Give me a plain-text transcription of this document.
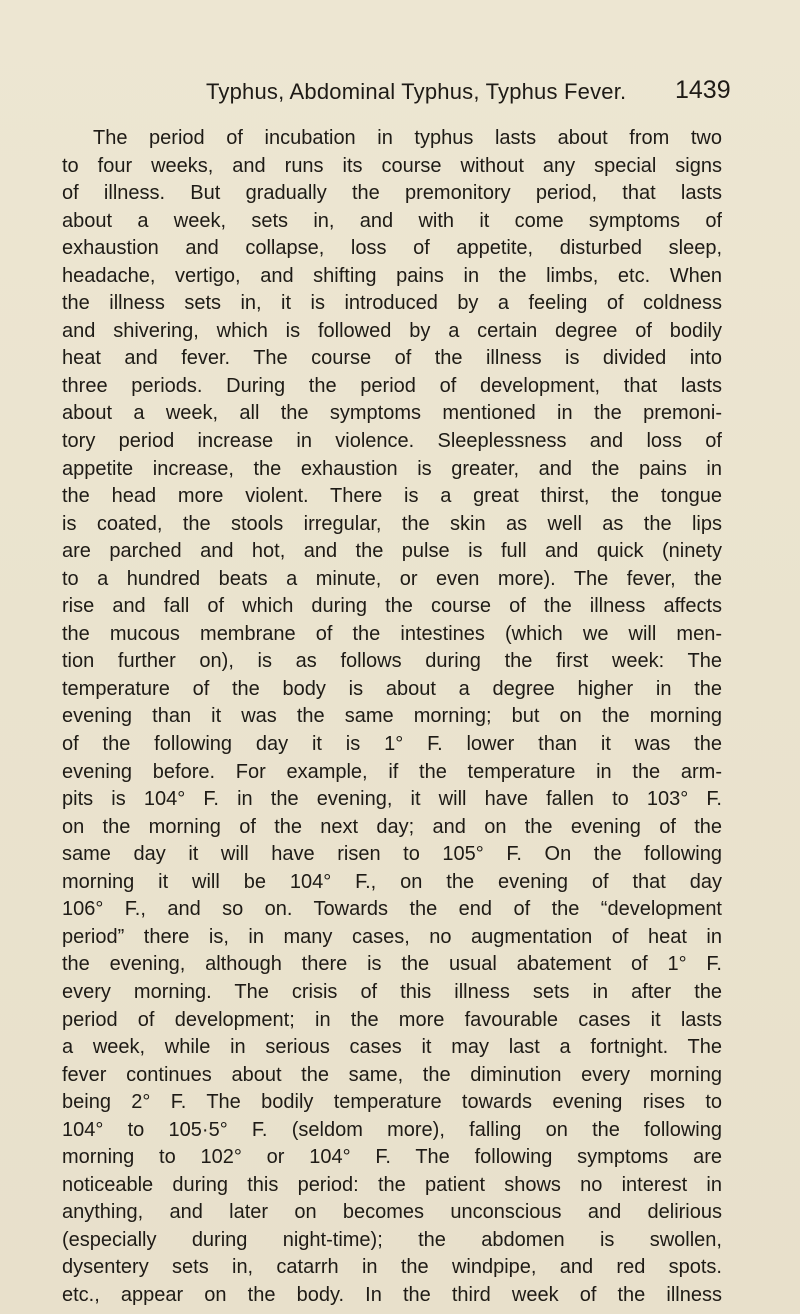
Typhus, Abdominal Typhus, Typhus Fever. 1439
The period of incubation in typhus lasts about from two
to four weeks, and runs its course without any special signs
of illness. But gradually the premonitory period, that lasts
about a week, sets in, and with it come symptoms of
exhaustion and collapse, loss of appetite, disturbed sleep,
headache, vertigo, and shifting pains in the limbs, etc. When
the illness sets in, it is introduced by a feeling of coldness
and shivering, which is followed by a certain degree of bodily
heat and fever. The course of the illness is divided into
three periods. During the period of development, that lasts
about a week, all the symptoms mentioned in the premoni-
tory period increase in violence. Sleeplessness and loss of
appetite increase, the exhaustion is greater, and the pains in
the head more violent. There is a great thirst, the tongue
is coated, the stools irregular, the skin as well as the lips
are parched and hot, and the pulse is full and quick (ninety
to a hundred beats a minute, or even more). The fever, the
rise and fall of which during the course of the illness affects
the mucous membrane of the intestines (which we will men-
tion further on), is as follows during the first week: The
temperature of the body is about a degree higher in the
evening than it was the same morning; but on the morning
of the following day it is 1° F. lower than it was the
evening before. For example, if the temperature in the arm-
pits is 104° F. in the evening, it will have fallen to 103° F.
on the morning of the next day; and on the evening of the
same day it will have risen to 105° F. On the following
morning it will be 104° F., on the evening of that day
106° F., and so on. Towards the end of the “development
period” there is, in many cases, no augmentation of heat in
the evening, although there is the usual abatement of 1° F.
every morning. The crisis of this illness sets in after the
period of development; in the more favourable cases it lasts
a week, while in serious cases it may last a fortnight. The
fever continues about the same, the diminution every morning
being 2° F. The bodily temperature towards evening rises to
104° to 105·5° F. (seldom more), falling on the following
morning to 102° or 104° F. The following symptoms are
noticeable during this period: the patient shows no interest in
anything, and later on becomes unconscious and delirious
(especially during night-time); the abdomen is swollen,
dysentery sets in, catarrh in the windpipe, and red spots.
etc., appear on the body. In the third week of the illness
